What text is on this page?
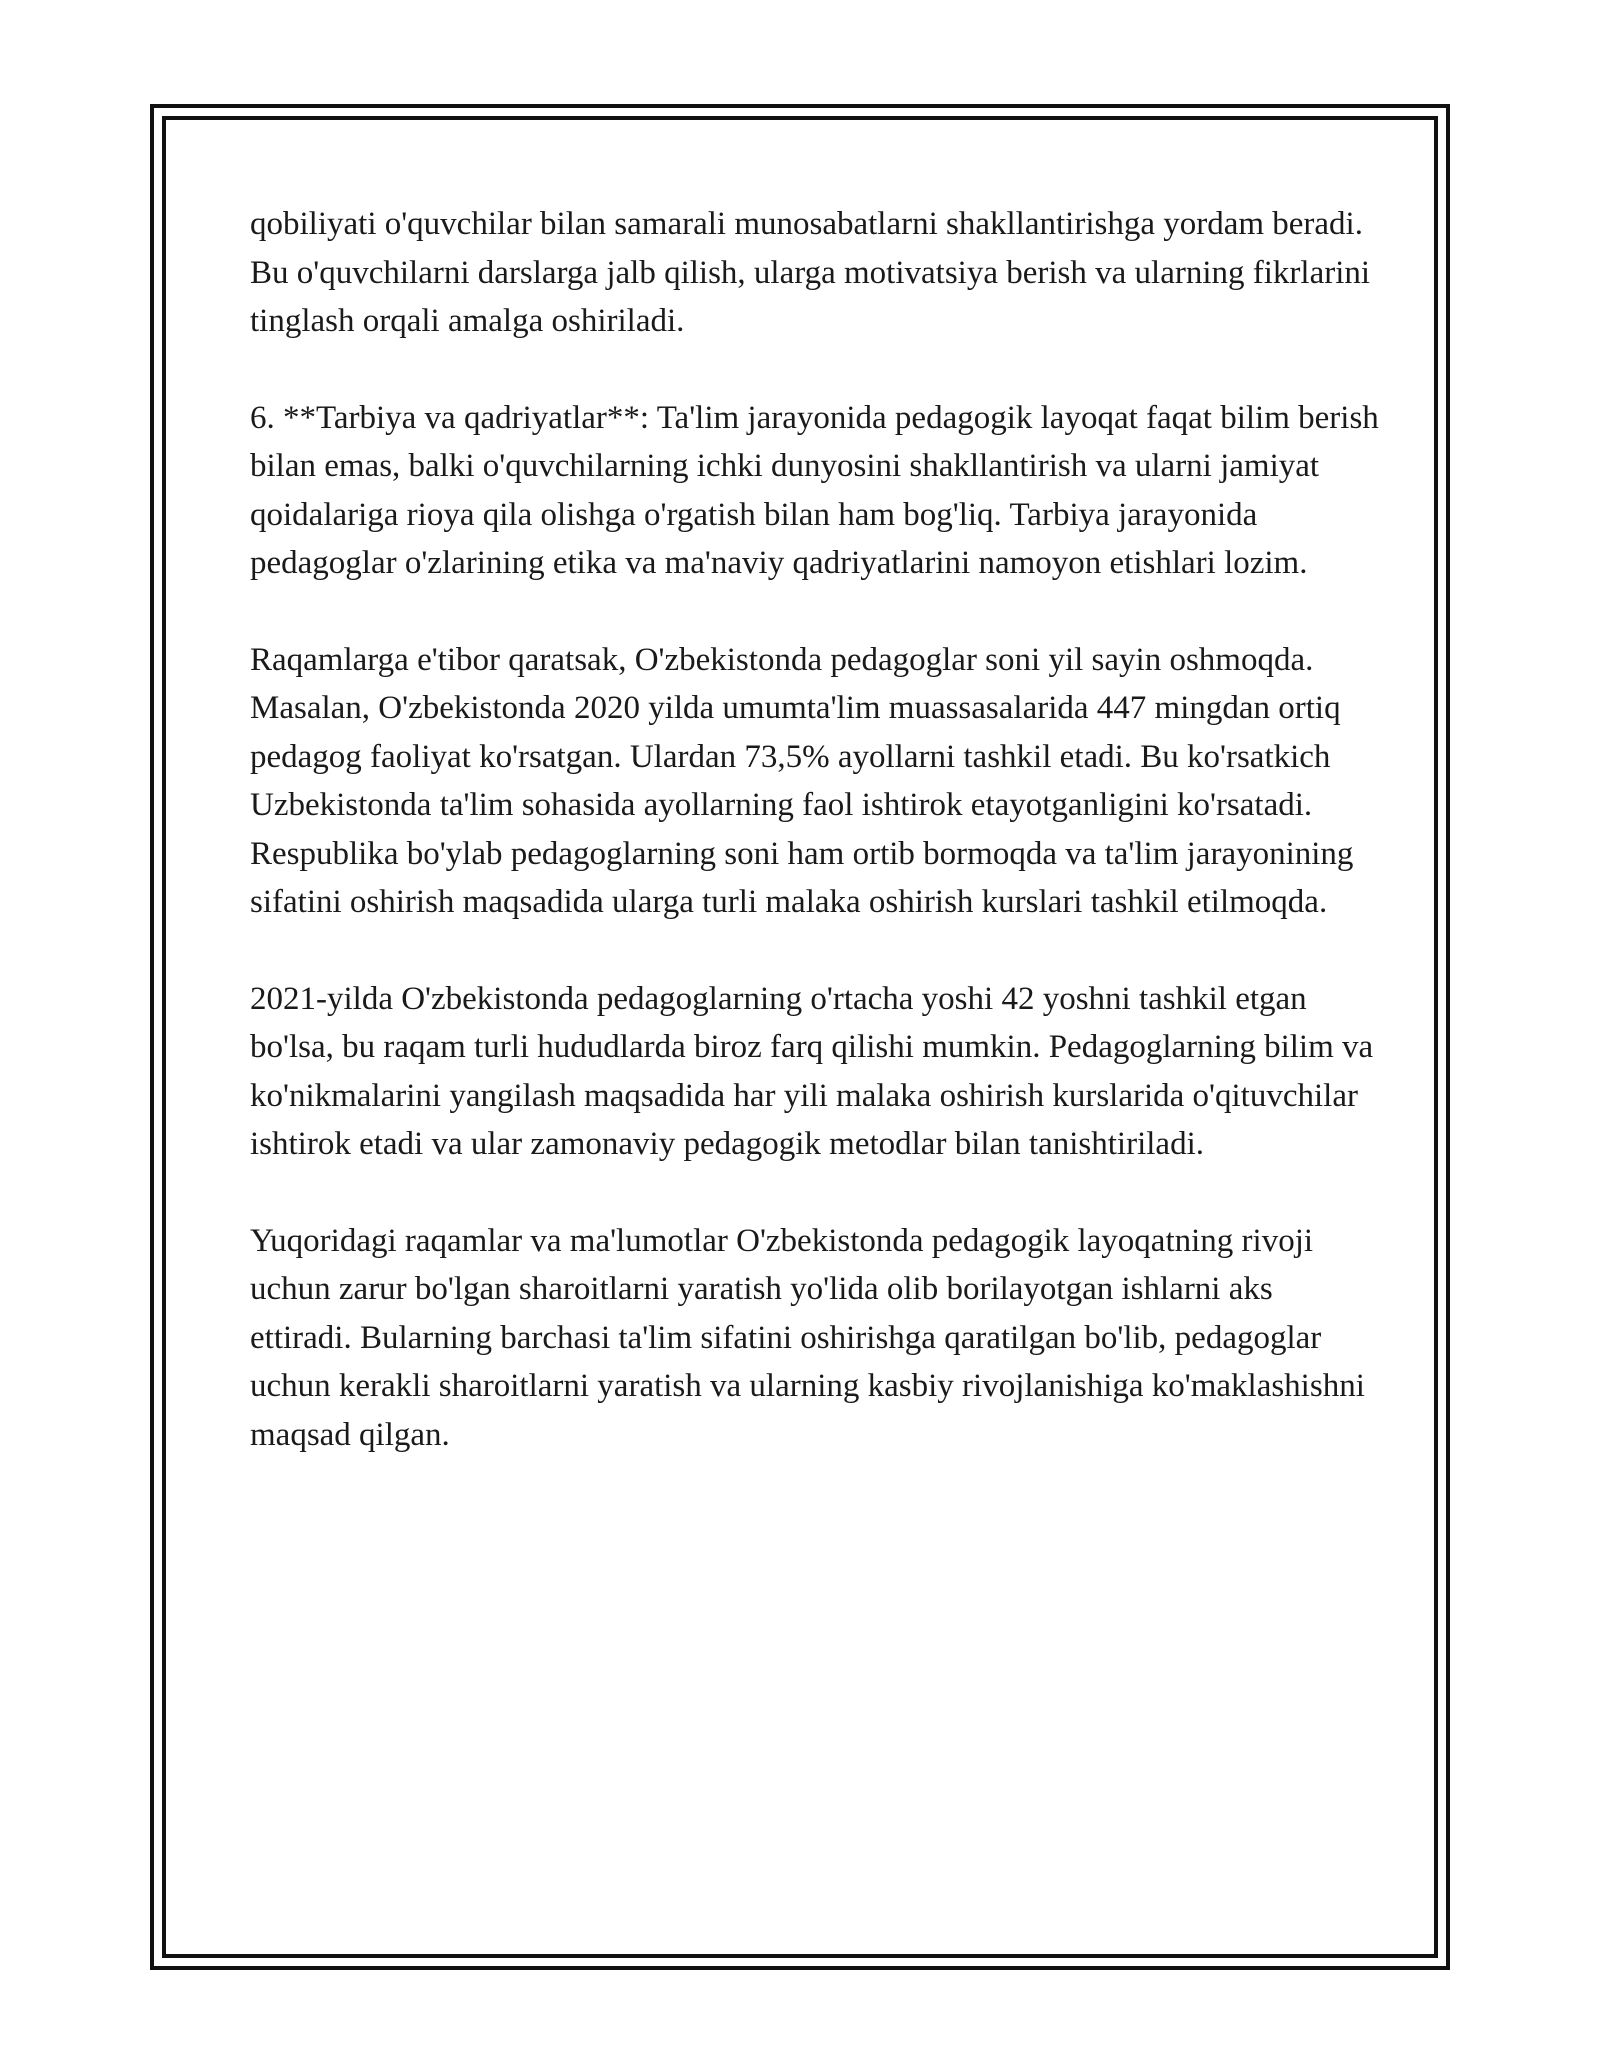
qobiliyati o'quvchilar bilan samarali munosabatlarni shakllantirishga yordam beradi. Bu o'quvchilarni darslarga jalb qilish, ularga motivatsiya berish va ularning fikrlarini tinglash orqali amalga oshiriladi.

6. **Tarbiya va qadriyatlar**: Ta'lim jarayonida pedagogik layoqat faqat bilim berish bilan emas, balki o'quvchilarning ichki dunyosini shakllantirish va ularni jamiyat qoidalariga rioya qila olishga o'rgatish bilan ham bog'liq. Tarbiya jarayonida pedagoglar o'zlarining etika va ma'naviy qadriyatlarini namoyon etishlari lozim.

Raqamlarga e'tibor qaratsak, O'zbekistonda pedagoglar soni yil sayin oshmoqda. Masalan, O'zbekistonda 2020 yilda umumta'lim muassasalarida 447 mingdan ortiq pedagog faoliyat ko'rsatgan. Ulardan 73,5% ayollarni tashkil etadi. Bu ko'rsatkich Uzbekistonda ta'lim sohasida ayollarning faol ishtirok etayotganligini ko'rsatadi. Respublika bo'ylab pedagoglarning soni ham ortib bormoqda va ta'lim jarayonining sifatini oshirish maqsadida ularga turli malaka oshirish kurslari tashkil etilmoqda.

2021-yilda O'zbekistonda pedagoglarning o'rtacha yoshi 42 yoshni tashkil etgan bo'lsa, bu raqam turli hududlarda biroz farq qilishi mumkin. Pedagoglarning bilim va ko'nikmalarini yangilash maqsadida har yili malaka oshirish kurslarida o'qituvchilar ishtirok etadi va ular zamonaviy pedagogik metodlar bilan tanishtiriladi.

Yuqoridagi raqamlar va ma'lumotlar O'zbekistonda pedagogik layoqatning rivoji uchun zarur bo'lgan sharoitlarni yaratish yo'lida olib borilayotgan ishlarni aks ettiradi. Bularning barchasi ta'lim sifatini oshirishga qaratilgan bo'lib, pedagoglar uchun kerakli sharoitlarni yaratish va ularning kasbiy rivojlanishiga ko'maklashishni maqsad qilgan.
